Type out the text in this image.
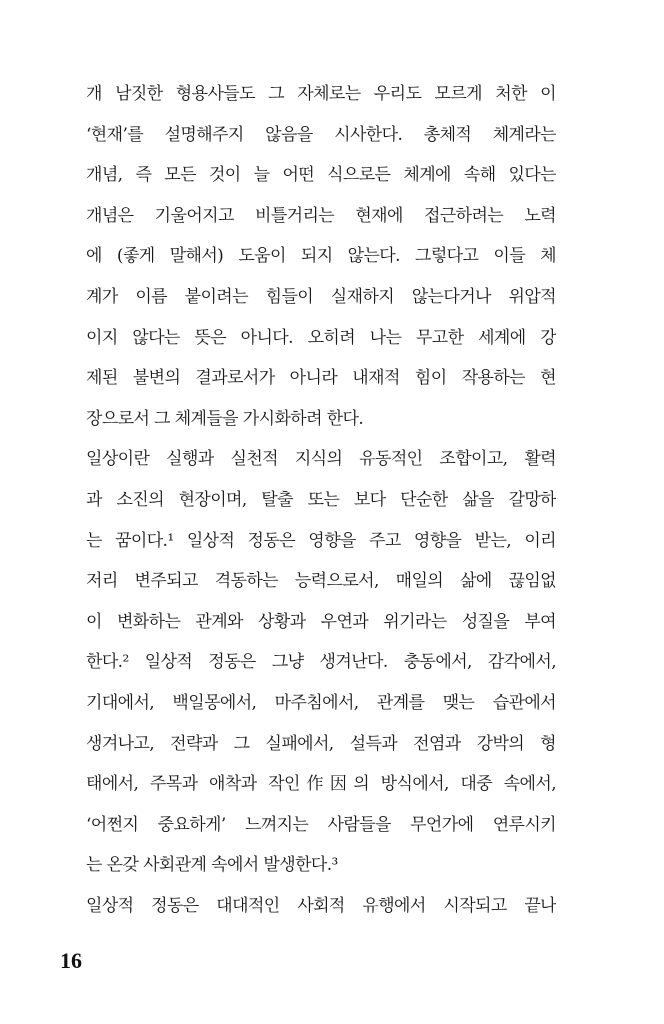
개 남짓한 형용사들도 그 자체로는 우리도 모르게 처한 이
‘현재’를 설명해주지 않음을 시사한다. 총체적 체계라는
개념, 즉 모든 것이 늘 어떤 식으로든 체계에 속해 있다는
개념은 기울어지고 비틀거리는 현재에 접근하려는 노력
에 (좋게 말해서) 도움이 되지 않는다. 그렇다고 이들 체
계가 이름 붙이려는 힘들이 실재하지 않는다거나 위압적
이지 않다는 뜻은 아니다. 오히려 나는 무고한 세계에 강
제된 불변의 결과로서가 아니라 내재적 힘이 작용하는 현
장으로서 그 체계들을 가시화하려 한다.
일상이란 실행과 실천적 지식의 유동적인 조합이고, 활력
과 소진의 현장이며, 탈출 또는 보다 단순한 삶을 갈망하
는 꿈이다.¹ 일상적 정동은 영향을 주고 영향을 받는, 이리
저리 변주되고 격동하는 능력으로서, 매일의 삶에 끊임없
이 변화하는 관계와 상황과 우연과 위기라는 성질을 부여
한다.² 일상적 정동은 그냥 생겨난다. 충동에서, 감각에서,
기대에서, 백일몽에서, 마주침에서, 관계를 맺는 습관에서
생겨나고, 전략과 그 실패에서, 설득과 전염과 강박의 형
태에서, 주목과 애착과 작인作因의 방식에서, 대중 속에서,
‘어쩐지 중요하게’ 느껴지는 사람들을 무언가에 연루시키
는 온갖 사회관계 속에서 발생한다.³
일상적 정동은 대대적인 사회적 유행에서 시작되고 끝나
16
